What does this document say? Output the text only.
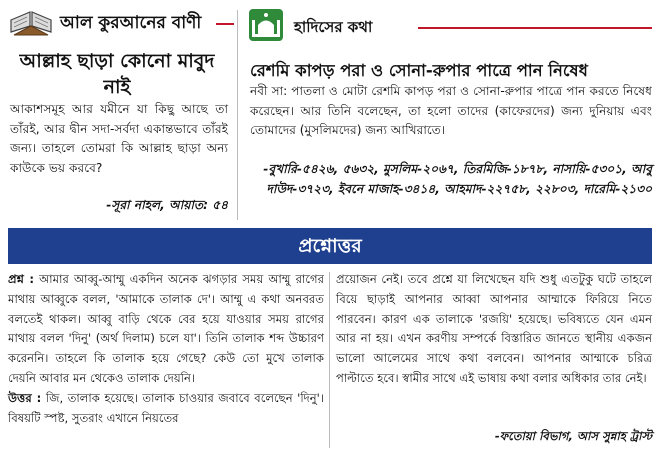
আল কুরআনের বাণী
আল্লাহ ছাড়া কোনো মাবুদ নাই
আকাশসমূহ আর যমীনে যা কিছু আছে তা তাঁরই, আর দ্বীন সদা-সর্বদা একান্তভাবে তাঁরই জন্য। তাহলে তোমরা কি আল্লাহ ছাড়া অন্য কাউকে ভয় করবে?
-সূরা নাহল, আয়াত: ৫৪
হাদিসের কথা
রেশমি কাপড় পরা ও সোনা-রুপার পাত্রে পান নিষেধ
নবী সা: পাতলা ও মোটা রেশমি কাপড় পরা ও সোনা-রুপার পাত্রে পান করতে নিষেধ করেছেন। আর তিনি বলেছেন, তা হলো তাদের (কাফেরদের) জন্য দুনিয়ায় এবং তোমাদের (মুসলিমদের) জন্য আখিরাতে।
-বুখারি-৫৪২৬, ৫৬৩২, মুসলিম-২০৬৭, তিরমিজি-১৮৭৮, নাসায়ি-৫৩০১, আবু দাউদ-৩৭২৩, ইবনে মাজাহ-৩৪১৪, আহমাদ-২২৭৫৮, ২২৮০৩, দারেমি-২১৩০
প্রশ্নোত্তর
প্রশ্ন : আমার আব্বু-আম্মু একদিন অনেক ঝগড়ার সময় আম্মু রাগের মাথায় আব্বুকে বলল, 'আমাকে তালাক দে'। আম্মু এ কথা অনবরত বলতেই থাকল। আব্বু বাড়ি থেকে বের হয়ে যাওয়ার সময় রাগের মাথায় বলল 'দিনু' (অর্থ দিলাম) চলে যা'। তিনি তালাক শব্দ উচ্চারণ করেননি। তাহলে কি তালাক হয়ে গেছে? কেউ তো মুখে তালাক দেয়নি আবার মন থেকেও তালাক দেয়নি।
উত্তর : জি, তালাক হয়েছে। তালাক চাওয়ার জবাবে বলেছেন 'দিনু'। বিষয়টি স্পষ্ট, সুতরাং এখানে নিয়তের
প্রয়োজন নেই। তবে প্রশ্নে যা লিখেছেন যদি শুধু এতটুকু ঘটে তাহলে বিয়ে ছাড়াই আপনার আব্বা আপনার আম্মাকে ফিরিয়ে নিতে পারবেন। কারণ এক তালাকে 'রজয়ি' হয়েছে। ভবিষ্যতে যেন এমন আর না হয়। এখন করণীয় সম্পর্কে বিস্তারিত জানতে স্থানীয় একজন ভালো আলেমের সাথে কথা বলবেন। আপনার আম্মাকে চরিত্র পাল্টাতে হবে। স্বামীর সাথে এই ভাষায় কথা বলার অধিকার তার নেই।
-ফতোয়া বিভাগ, আস সুন্নাহ ট্রাস্ট
